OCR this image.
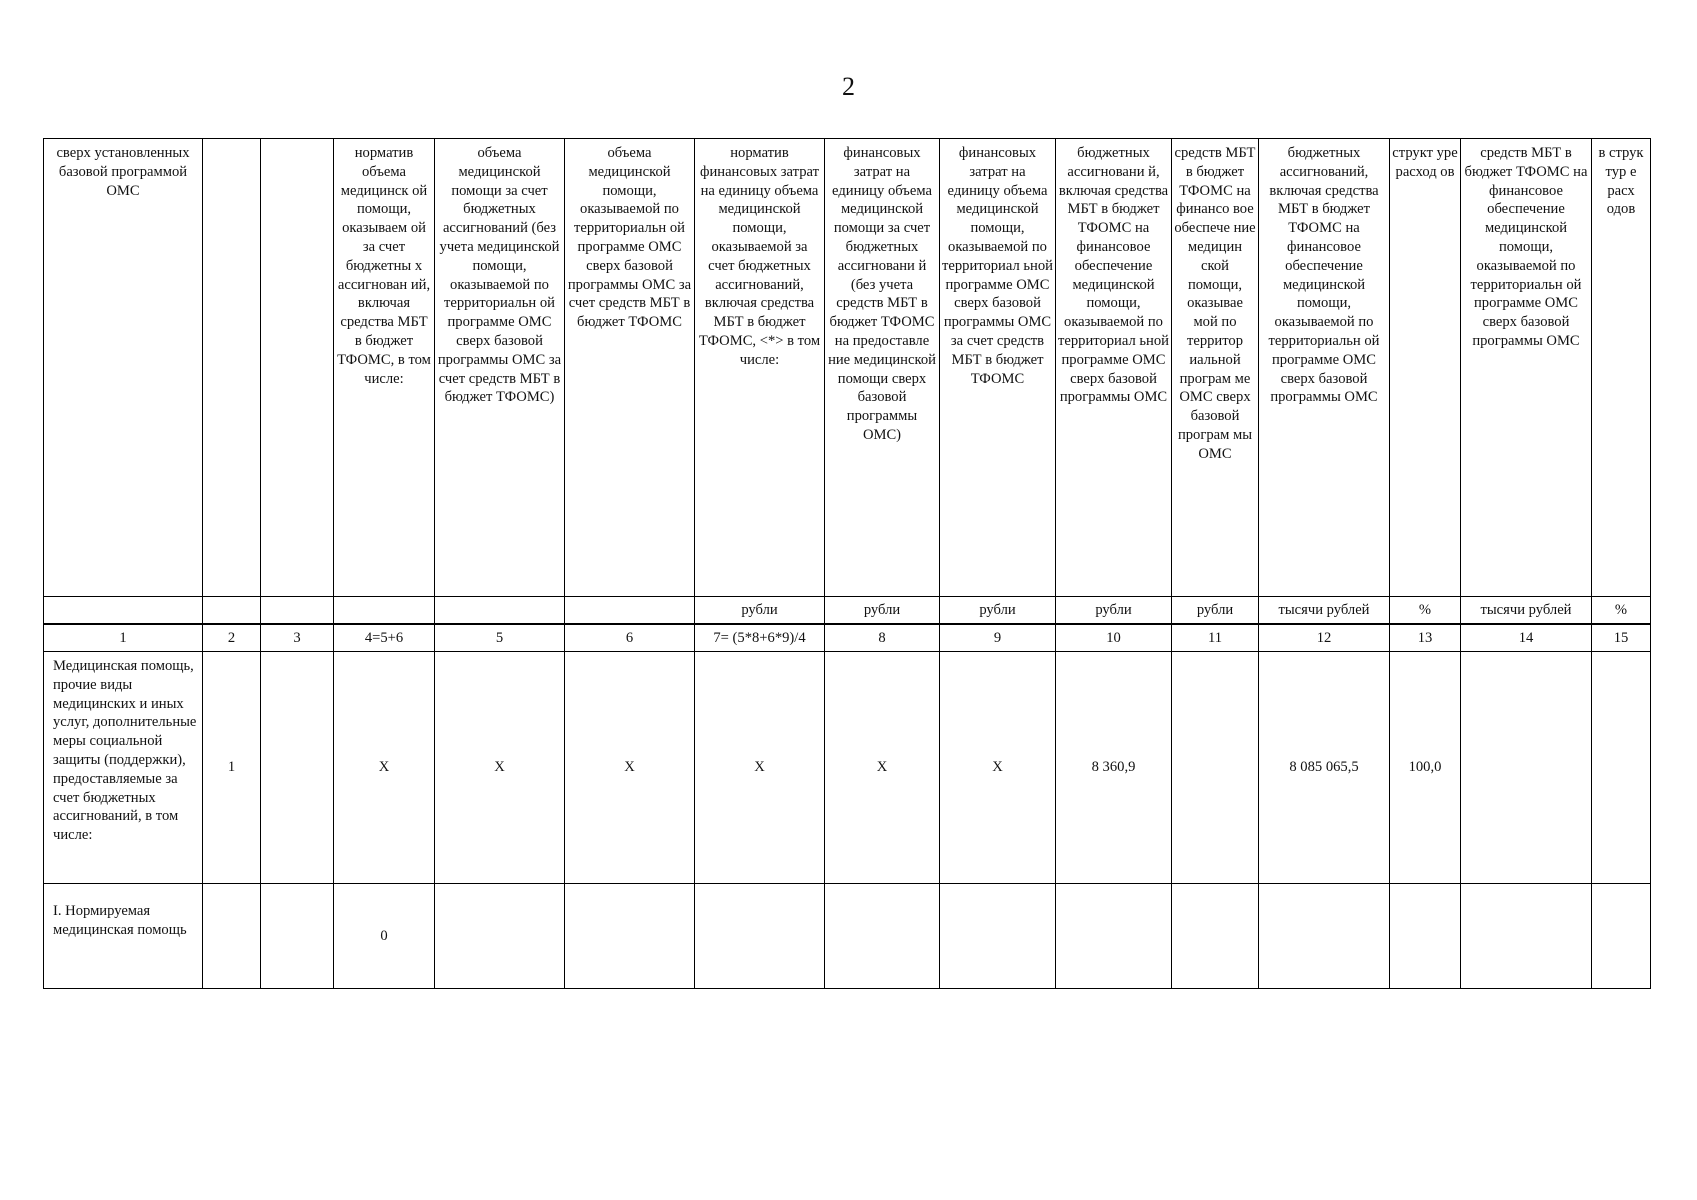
2
сверх установленных базовой программой ОМС			норматив объема медицинск ой помощи, оказываем ой за счет бюджетны х ассигнован ий, включая средства МБТ в бюджет ТФОМС, в том числе:	объема медицинской помощи за счет бюджетных ассигнований (без учета медицинской помощи, оказываемой по территориальн ой программе ОМС сверх базовой программы ОМС за счет средств МБТ в бюджет ТФОМС)	объема медицинской помощи, оказываемой по территориальн ой программе ОМС сверх базовой программы ОМС за счет средств МБТ в бюджет ТФОМС	норматив финансовых затрат на единицу объема медицинской помощи, оказываемой за счет бюджетных ассигнований, включая средства МБТ в бюджет ТФОМС, <*> в том числе:	финансовых затрат на единицу объема медицинской помощи за счет бюджетных ассигновани й (без учета средств МБТ в бюджет ТФОМС на предоставле ние медицинской помощи сверх базовой программы ОМС)	финансовых затрат на единицу объема медицинской помощи, оказываемой по территориал ьной программе ОМС сверх базовой программы ОМС за счет средств МБТ в бюджет ТФОМС	бюджетных ассигновани й, включая средства МБТ в бюджет ТФОМС на финансовое обеспечение медицинской помощи, оказываемой по территориал ьной программе ОМС сверх базовой программы ОМС	средств МБТ в бюджет ТФОМС на финансо вое обеспече ние медицин ской помощи, оказывае мой по территор иальной програм ме ОМС сверх базовой програм мы ОМС	бюджетных ассигнований, включая средства МБТ в бюджет ТФОМС на финансовое обеспечение медицинской помощи, оказываемой по территориальн ой программе ОМС сверх базовой программы ОМС	структ уре расход ов	средств МБТ в бюджет ТФОМС на финансовое обеспечение медицинской помощи, оказываемой по территориальн ой программе ОМС сверх базовой программы ОМС	в струк тур е расх одов
						рубли	рубли	рубли	рубли	рубли	тысячи рублей	%	тысячи рублей	%
1	2	3	4=5+6	5	6	7= (5*8+6*9)/4	8	9	10	11	12	13	14	15
Медицинская помощь, прочие виды медицинских и иных услуг, дополнительные меры социальной защиты (поддержки), предоставляемые за счет бюджетных ассигнований, в том числе:	1		X	X	X	X	X	X	8 360,9		8 085 065,5	100,0		
I. Нормируемая медицинская помощь			0											
